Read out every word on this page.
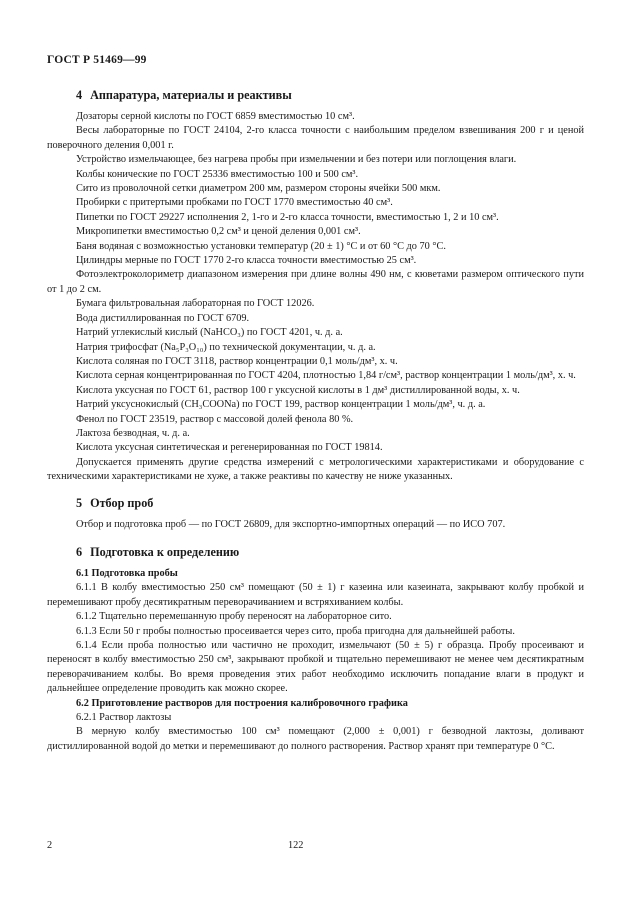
ГОСТ Р 51469—99
4 Аппаратура, материалы и реактивы

Дозаторы серной кислоты по ГОСТ 6859 вместимостью 10 см³.

Весы лабораторные по ГОСТ 24104, 2-го класса точности с наибольшим пределом взвешивания 200 г и ценой поверочного деления 0,001 г.

Устройство измельчающее, без нагрева пробы при измельчении и без потери или поглощения влаги.

Колбы конические по ГОСТ 25336 вместимостью 100 и 500 см³.

Сито из проволочной сетки диаметром 200 мм, размером стороны ячейки 500 мкм.

Пробирки с притертыми пробками по ГОСТ 1770 вместимостью 40 см³.

Пипетки по ГОСТ 29227 исполнения 2, 1-го и 2-го класса точности, вместимостью 1, 2 и 10 см³.

Микропипетки вместимостью 0,2 см³ и ценой деления 0,001 см³.

Баня водяная с возможностью установки температур (20 ± 1) °С и от 60 °С до 70 °С.

Цилиндры мерные по ГОСТ 1770 2-го класса точности вместимостью 25 см³.

Фотоэлектроколориметр диапазоном измерения при длине волны 490 нм, с кюветами размером оптического пути от 1 до 2 см.

Бумага фильтровальная лабораторная по ГОСТ 12026.

Вода дистиллированная по ГОСТ 6709.

Натрий углекислый кислый (NaHCO₃) по ГОСТ 4201, ч. д. а.

Натрия трифосфат (Na₅P₃O₁₀) по технической документации, ч. д. а.

Кислота соляная по ГОСТ 3118, раствор концентрации 0,1 моль/дм³, х. ч.

Кислота серная концентрированная по ГОСТ 4204, плотностью 1,84 г/см³, раствор концентрации 1 моль/дм³, х. ч.

Кислота уксусная по ГОСТ 61, раствор 100 г уксусной кислоты в 1 дм³ дистиллированной воды, х. ч.

Натрий уксуснокислый (CH₃COONa) по ГОСТ 199, раствор концентрации 1 моль/дм³, ч. д. а.

Фенол по ГОСТ 23519, раствор с массовой долей фенола 80 %.

Лактоза безводная, ч. д. а.

Кислота уксусная синтетическая и регенерированная по ГОСТ 19814.

Допускается применять другие средства измерений с метрологическими характеристиками и оборудование с техническими характеристиками не хуже, а также реактивы по качеству не ниже указанных.

5 Отбор проб

Отбор и подготовка проб — по ГОСТ 26809, для экспортно-импортных операций — по ИСО 707.

6 Подготовка к определению

6.1 Подготовка пробы

6.1.1 В колбу вместимостью 250 см³ помещают (50 ± 1) г казеина или казеината, закрывают колбу пробкой и перемешивают пробу десятикратным переворачиванием и встряхиванием колбы.

6.1.2 Тщательно перемешанную пробу переносят на лабораторное сито.

6.1.3 Если 50 г пробы полностью просеивается через сито, проба пригодна для дальнейшей работы.

6.1.4 Если проба полностью или частично не проходит, измельчают (50 ± 5) г образца. Пробу просеивают и переносят в колбу вместимостью 250 см³, закрывают пробкой и тщательно перемешивают не менее чем десятикратным переворачиванием колбы. Во время проведения этих работ необходимо исключить попадание влаги в продукт и дальнейшее определение проводить как можно скорее.

6.2 Приготовление растворов для построения калибровочного графика

6.2.1 Раствор лактозы

В мерную колбу вместимостью 100 см³ помещают (2,000 ± 0,001) г безводной лактозы, доливают дистиллированной водой до метки и перемешивают до полного растворения. Раствор хранят при температуре 0 °С.

2	122
